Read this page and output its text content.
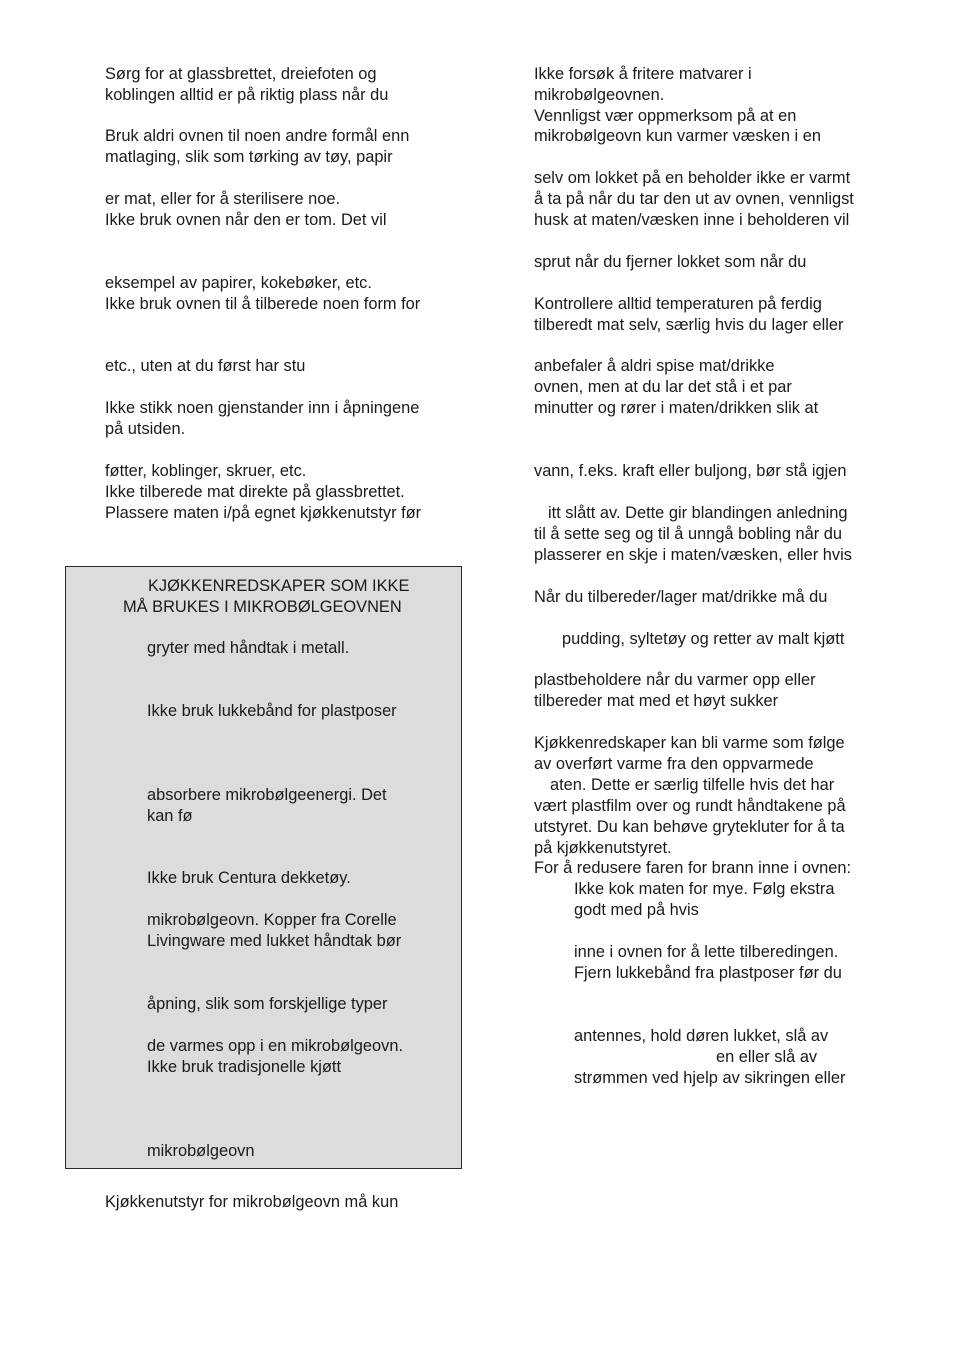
Sørg for at glassbrettet, dreiefoten og
koblingen alltid er på riktig plass når du
Bruk aldri ovnen til noen andre formål enn
matlaging, slik som tørking av tøy, papir
er mat, eller for å sterilisere noe.
Ikke bruk ovnen når den er tom. Det vil
eksempel av papirer, kokebøker, etc.
Ikke bruk ovnen til å tilberede noen form for
etc., uten at du først har stu
Ikke stikk noen gjenstander inn i åpningene
på utsiden.
føtter, koblinger, skruer, etc.
Ikke tilberede mat direkte på glassbrettet.
Plassere maten i/på egnet kjøkkenutstyr før
KJØKKENREDSKAPER SOM IKKE
MÅ BRUKES I MIKROBØLGEOVNEN
gryter med håndtak i metall.
Ikke bruk lukkebånd for plastposer
absorbere mikrobølgeenergi. Det
kan fø
Ikke bruk Centura dekketøy.
mikrobølgeovn. Kopper fra Corelle
Livingware med lukket håndtak bør
åpning, slik som forskjellige typer
de varmes opp i en mikrobølgeovn.
Ikke bruk tradisjonelle kjøtt
mikrobølgeovn
Kjøkkenutstyr for mikrobølgeovn må kun
Ikke forsøk å fritere matvarer i
mikrobølgeovnen.
Vennligst vær oppmerksom på at en
mikrobølgeovn kun varmer væsken i en
selv om lokket på en beholder ikke er varmt
å ta på når du tar den ut av ovnen, vennligst
husk at maten/væsken inne i beholderen vil
sprut når du fjerner lokket som når du
Kontrollere alltid temperaturen på ferdig
tilberedt mat selv, særlig hvis du lager eller
anbefaler å aldri spise mat/drikke
ovnen, men at du lar det stå i et par
minutter og rører i maten/drikken slik at
vann, f.eks. kraft eller buljong, bør stå igjen
itt slått av. Dette gir blandingen anledning
til å sette seg og til å unngå bobling når du
plasserer en skje i maten/væsken, eller hvis
Når du tilbereder/lager mat/drikke må du
pudding, syltetøy og retter av malt kjøtt
plastbeholdere når du varmer opp eller
tilbereder mat med et høyt sukker
Kjøkkenredskaper kan bli varme som følge
av overført varme fra den oppvarmede
aten. Dette er særlig tilfelle hvis det har
vært plastfilm over og rundt håndtakene på
utstyret. Du kan behøve grytekluter for å ta
på kjøkkenutstyret.
For å redusere faren for brann inne i ovnen:
Ikke kok maten for mye. Følg ekstra
godt med på hvis
inne i ovnen for å lette tilberedingen.
Fjern lukkebånd fra plastposer før du
antennes, hold døren lukket, slå av
en eller slå av
strømmen ved hjelp av sikringen eller
